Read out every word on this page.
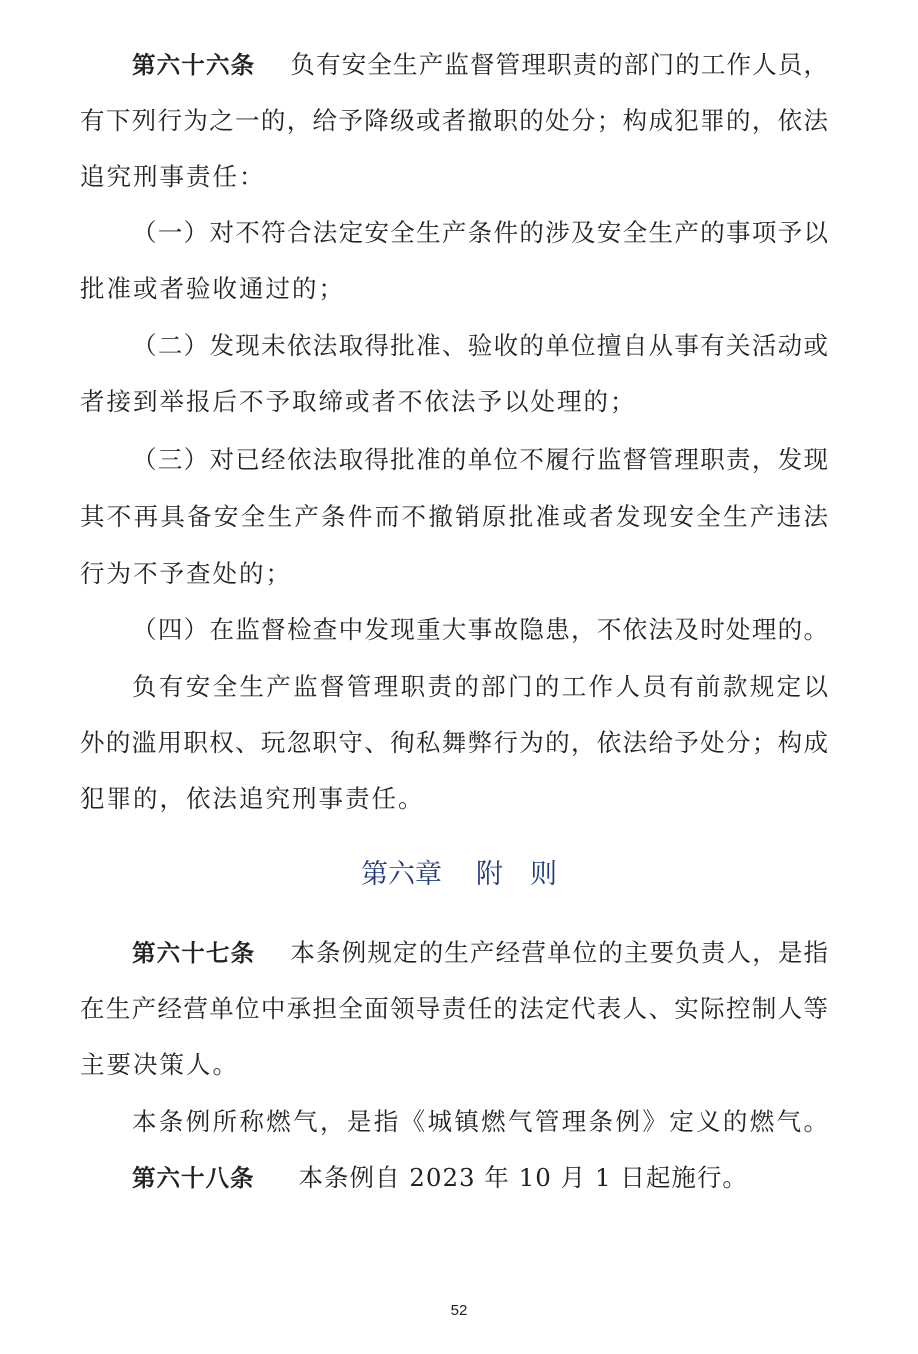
第六十六条 负有安全生产监督管理职责的部门的工作人员，
有下列行为之一的，给予降级或者撤职的处分；构成犯罪的，依法
追究刑事责任：
（一）对不符合法定安全生产条件的涉及安全生产的事项予以
批准或者验收通过的；
（二）发现未依法取得批准、验收的单位擅自从事有关活动或
者接到举报后不予取缔或者不依法予以处理的；
（三）对已经依法取得批准的单位不履行监督管理职责，发现
其不再具备安全生产条件而不撤销原批准或者发现安全生产违法
行为不予查处的；
（四）在监督检查中发现重大事故隐患，不依法及时处理的。
负有安全生产监督管理职责的部门的工作人员有前款规定以
外的滥用职权、玩忽职守、徇私舞弊行为的，依法给予处分；构成
犯罪的，依法追究刑事责任。
第六章 附　则
第六十七条 本条例规定的生产经营单位的主要负责人，是指
在生产经营单位中承担全面领导责任的法定代表人、实际控制人等
主要决策人。
本条例所称燃气，是指《城镇燃气管理条例》定义的燃气。
第六十八条 本条例自 2023 年 10 月 1 日起施行。
52
